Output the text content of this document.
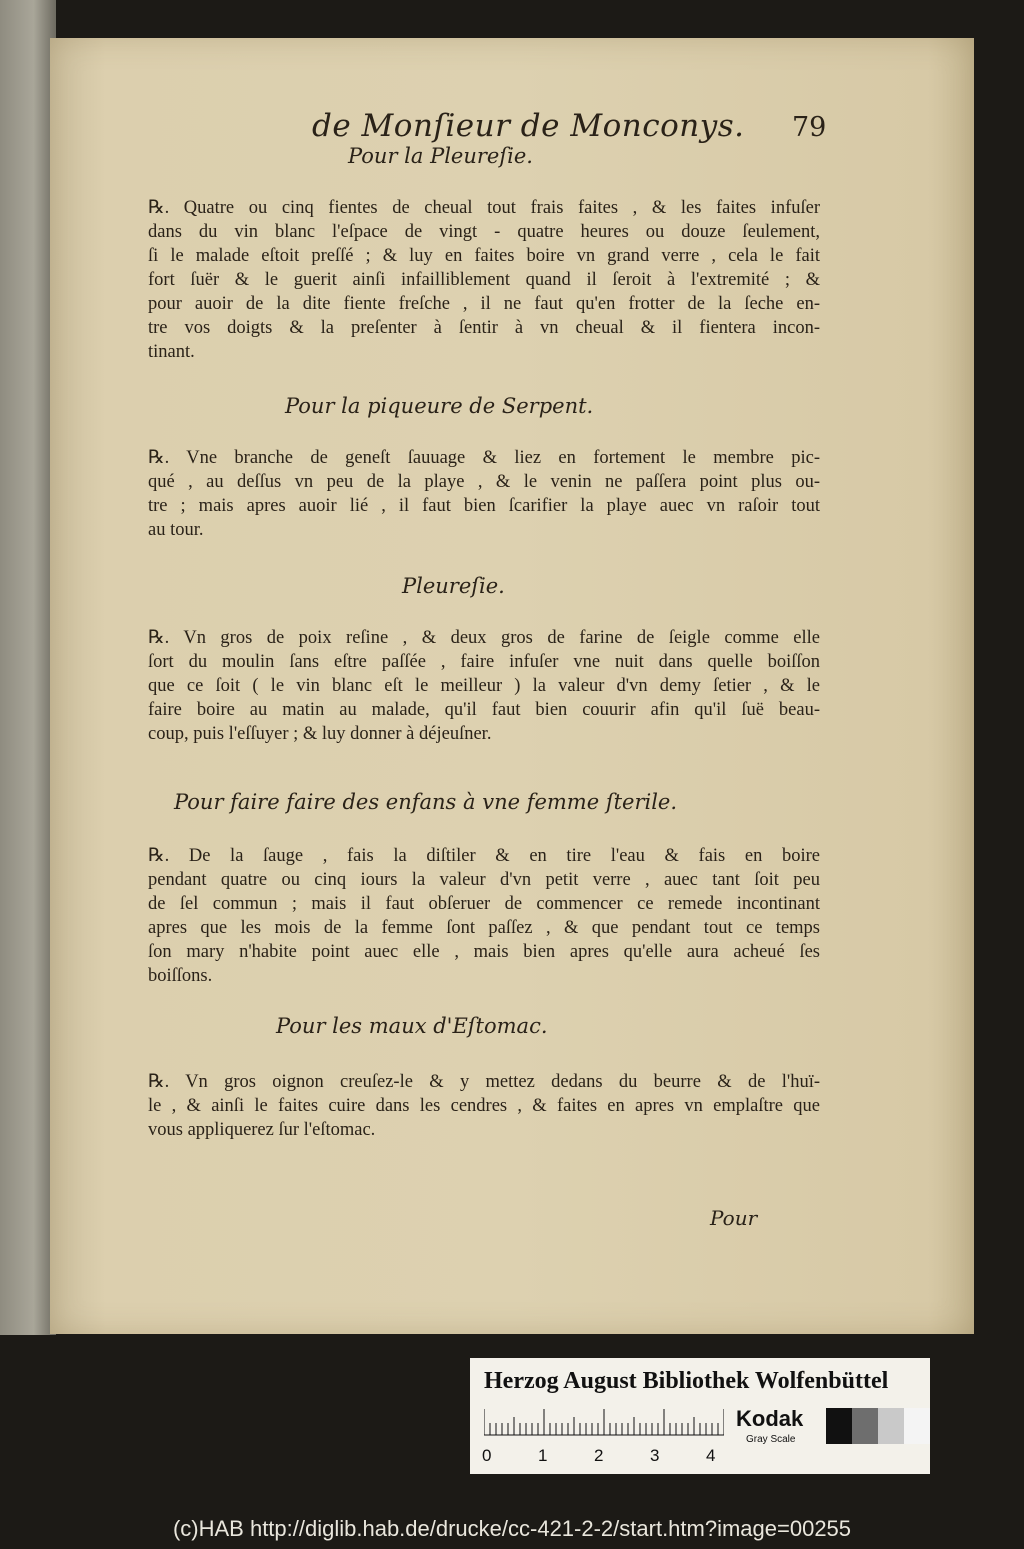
de Monſieur de Monconys. 79
Pour la Pleureſie.
℞. Quatre ou cinq fientes de cheual tout frais faites , & les faites infuſer
dans du vin blanc l'eſpace de vingt - quatre heures ou douze ſeulement,
ſi le malade eſtoit preſſé ; & luy en faites boire vn grand verre , cela le fait
fort ſuër & le guerit ainſi infailliblement quand il ſeroit à l'extremité ; &
pour auoir de la dite fiente freſche , il ne faut qu'en frotter de la ſeche en-
tre vos doigts & la preſenter à ſentir à vn cheual & il fientera incon-
tinant.
Pour la piqueure de Serpent.
℞. Vne branche de geneſt ſauuage & liez en fortement le membre pic-
qué , au deſſus vn peu de la playe , & le venin ne paſſera point plus ou-
tre ; mais apres auoir lié , il faut bien ſcarifier la playe auec vn raſoir tout
au tour.
Pleureſie.
℞. Vn gros de poix reſine , & deux gros de farine de ſeigle comme elle
ſort du moulin ſans eſtre paſſée , faire infuſer vne nuit dans quelle boiſſon
que ce ſoit ( le vin blanc eſt le meilleur ) la valeur d'vn demy ſetier , & le
faire boire au matin au malade, qu'il faut bien couurir afin qu'il ſuë beau-
coup, puis l'eſſuyer ; & luy donner à déjeuſner.
Pour faire faire des enfans à vne femme ſterile.
℞. De la ſauge , fais la diſtiler & en tire l'eau & fais en boire
pendant quatre ou cinq iours la valeur d'vn petit verre , auec tant ſoit peu
de ſel commun ; mais il faut obſeruer de commencer ce remede incontinant
apres que les mois de la femme ſont paſſez , & que pendant tout ce temps
ſon mary n'habite point auec elle , mais bien apres qu'elle aura acheué ſes
boiſſons.
Pour les maux d'Eſtomac.
℞. Vn gros oignon creuſez-le & y mettez dedans du beurre & de l'huï-
le , & ainſi le faites cuire dans les cendres , & faites en apres vn emplaſtre que
vous appliquerez ſur l'eſtomac.
Pour
Herzog August Bibliothek Wolfenbüttel
0	1	2	3	4
Kodak
Gray Scale
(c)HAB http://diglib.hab.de/drucke/cc-421-2-2/start.htm?image=00255
